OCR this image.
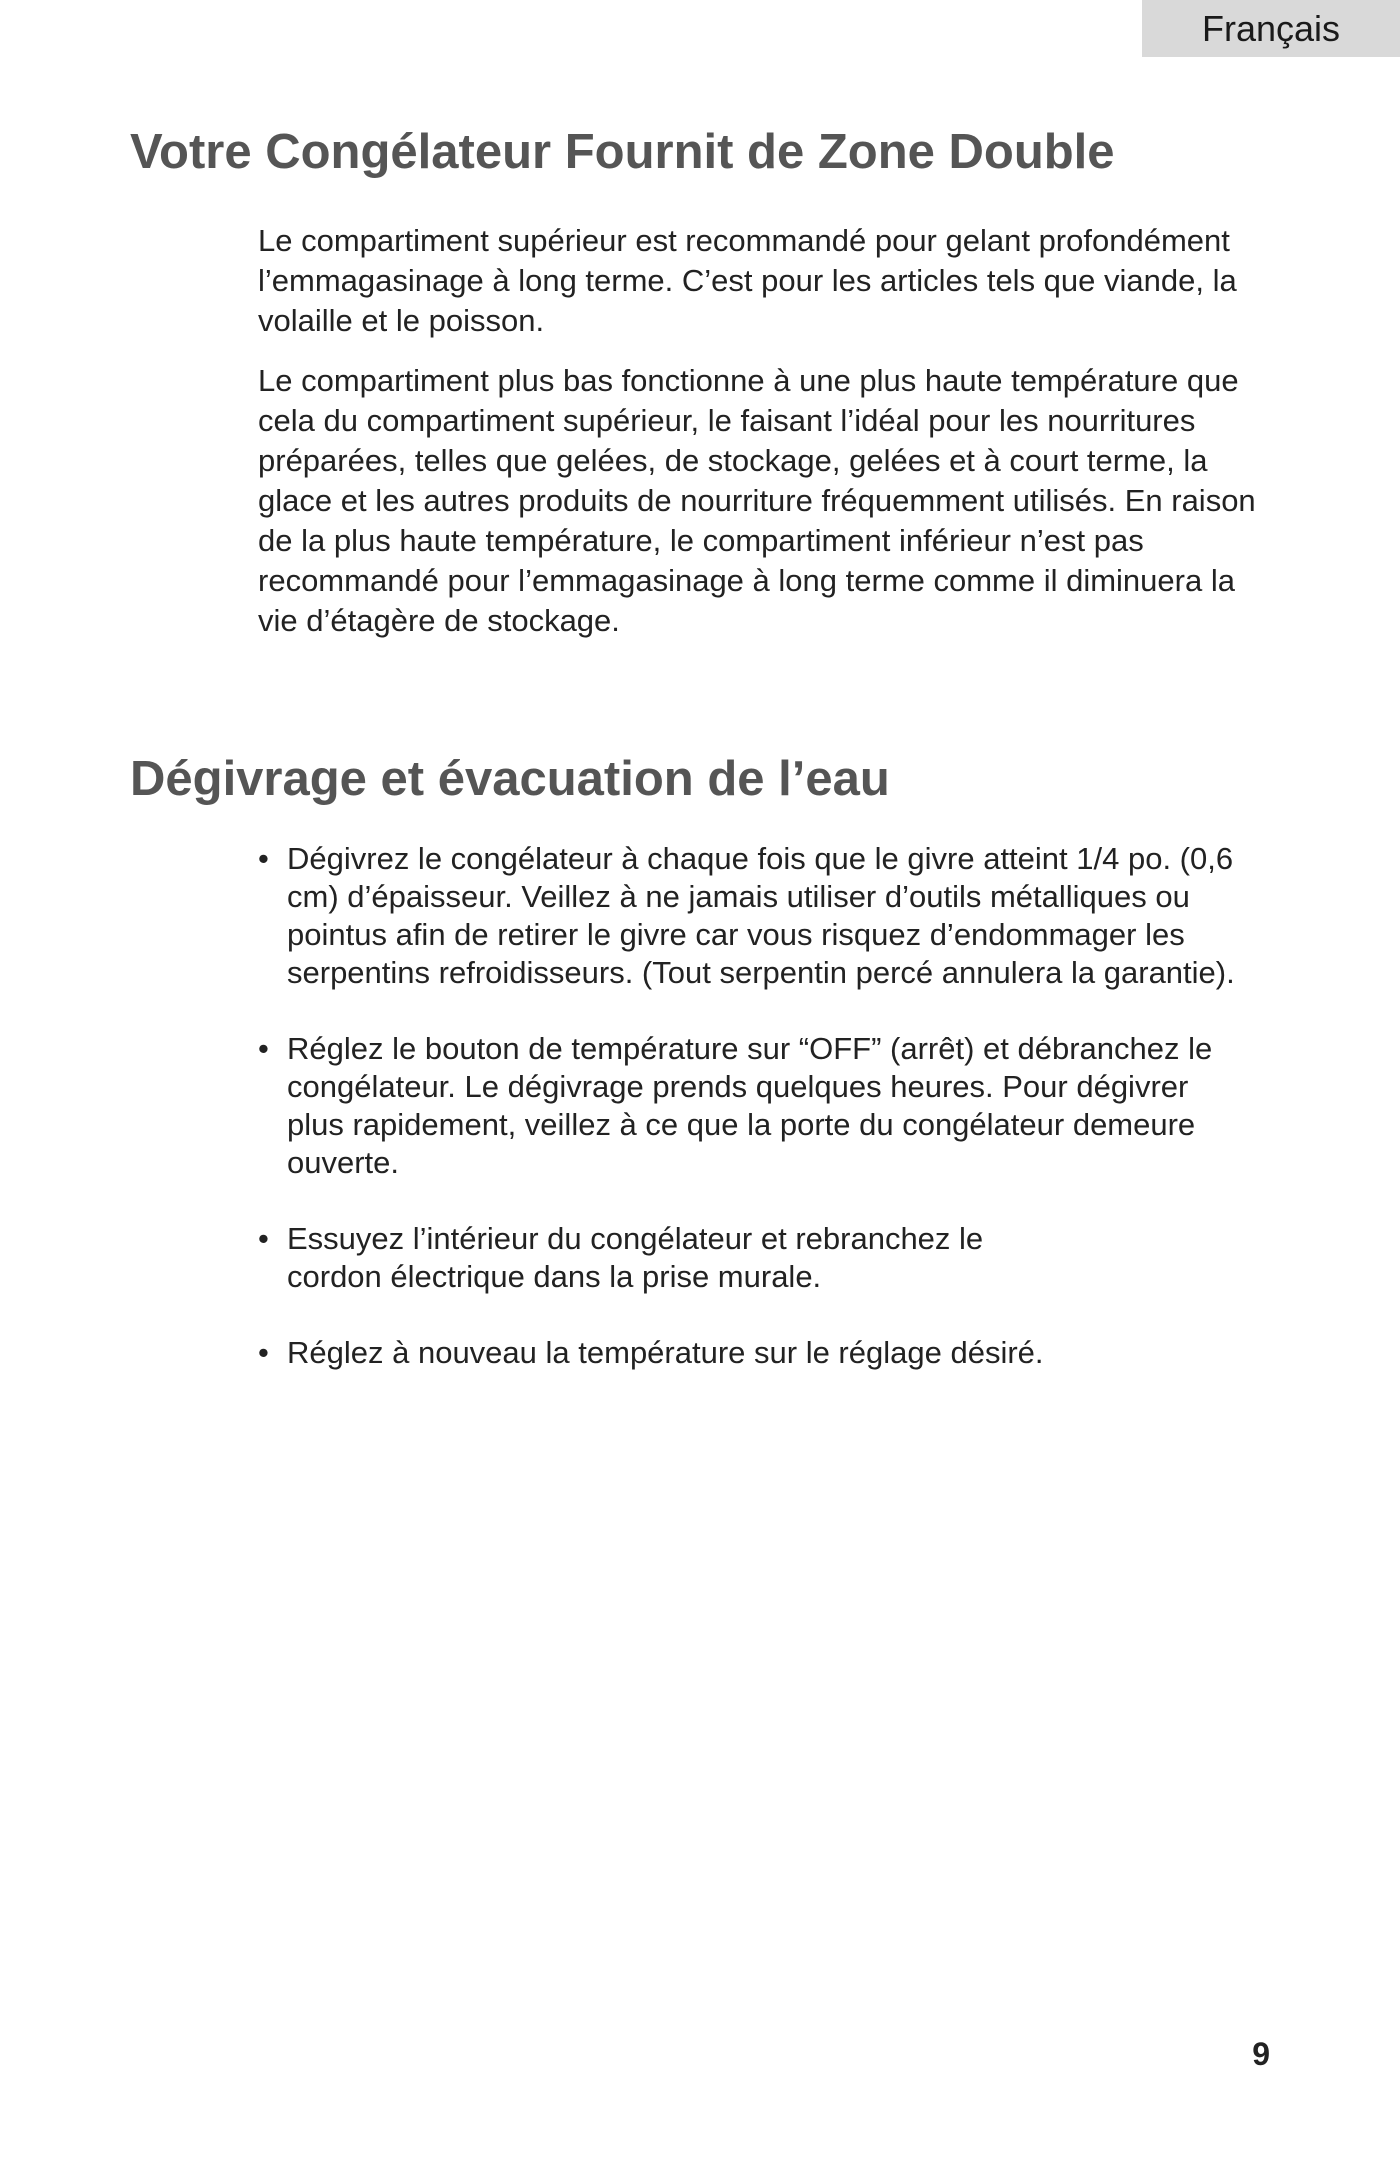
Français
Votre Congélateur Fournit de Zone Double

Le compartiment supérieur est recommandé pour gelant profondément l’emmagasinage à long terme. C’est pour les articles tels que viande, la volaille et le poisson.

Le compartiment plus bas fonctionne à une plus haute température que cela du compartiment supérieur, le faisant l’idéal pour les nourritures préparées, telles que gelées, de stockage, gelées et à court terme, la glace et les autres produits de nourriture fréquemment utilisés. En raison de la plus haute température, le compartiment inférieur n’est pas recommandé pour l’emmagasinage à long terme comme il diminuera la vie d’étagère de stockage.

Dégivrage et évacuation de l’eau
• Dégivrez le congélateur à chaque fois que le givre atteint 1/4 po. (0,6 cm) d’épaisseur. Veillez à ne jamais utiliser d’outils métalliques ou pointus afin de retirer le givre car vous risquez d’endommager les serpentins refroidisseurs. (Tout serpentin percé annulera la garantie).
• Réglez le bouton de température sur “OFF” (arrêt) et débranchez le congélateur. Le dégivrage prends quelques heures. Pour dégivrer plus rapidement, veillez à ce que la porte du congélateur demeure ouverte.
• Essuyez l’intérieur du congélateur et rebranchez le cordon électrique dans la prise murale.
• Réglez à nouveau la température sur le réglage désiré.
9
